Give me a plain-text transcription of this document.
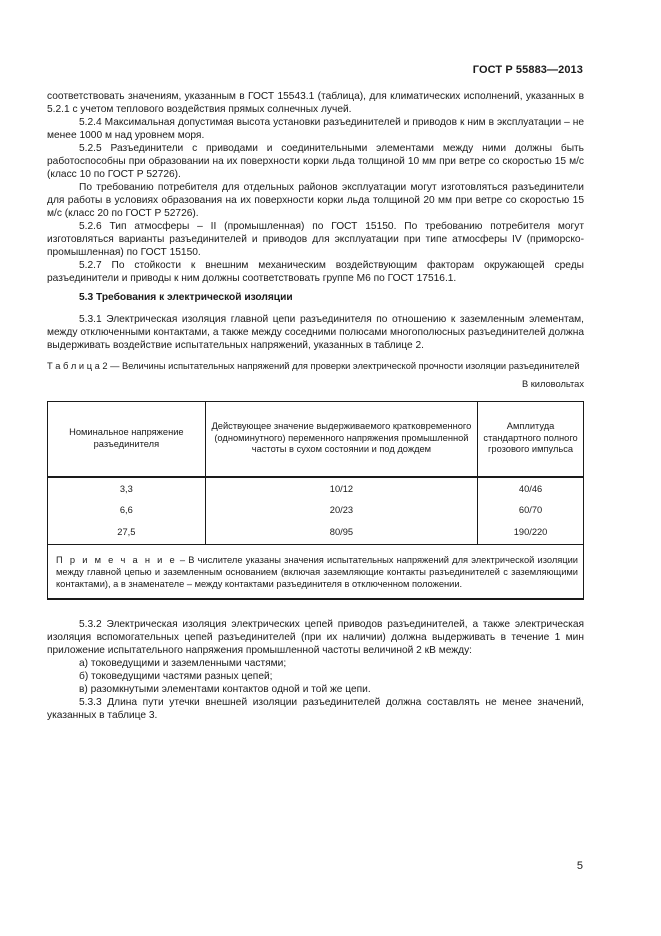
ГОСТ Р 55883—2013

соответствовать значениям, указанным в ГОСТ 15543.1 (таблица), для климатических исполнений, указанных в 5.2.1 с учетом теплового воздействия прямых солнечных лучей.

5.2.4 Максимальная допустимая высота установки разъединителей и приводов к ним в эксплуатации – не менее 1000 м над уровнем моря.

5.2.5 Разъединители с приводами и соединительными элементами между ними должны быть работоспособны при образовании на их поверхности корки льда толщиной 10 мм при ветре со скоростью 15 м/с (класс 10 по ГОСТ Р 52726).

По требованию потребителя для отдельных районов эксплуатации могут изготовляться разъединители для работы в условиях образования на их поверхности корки льда толщиной 20 мм при ветре со скоростью 15 м/с (класс 20 по ГОСТ Р 52726).

5.2.6 Тип атмосферы – II (промышленная) по ГОСТ 15150. По требованию потребителя могут изготовляться варианты разъединителей и приводов для эксплуатации при типе атмосферы IV (приморско-промышленная) по ГОСТ 15150.

5.2.7 По стойкости к внешним механическим воздействующим факторам окружающей среды разъединители и приводы к ним должны соответствовать группе М6 по ГОСТ 17516.1.

5.3 Требования к электрической изоляции

5.3.1 Электрическая изоляция главной цепи разъединителя по отношению к заземленным элементам, между отключенными контактами, а также между соседними полюсами многополюсных разъединителей должна выдерживать воздействие испытательных напряжений, указанных в таблице 2.

Т а б л и ц а 2 — Величины испытательных напряжений для проверки электрической прочности изоляции разъединителей

В киловольтах

Номинальное напряжение разъединителя	Действующее значение выдерживаемого кратковременного (одноминутного) переменного напряжения промышленной частоты в сухом состоянии и под дождем	Амплитуда стандартного полного грозового импульса
3,3	10/12	40/46
6,6	20/23	60/70
27,5	80/95	190/220
П р и м е ч а н и е – В числителе указаны значения испытательных напряжений для электрической изоляции между главной цепью и заземленным основанием (включая заземляющие контакты разъединителей с заземляющими контактами), а в знаменателе – между контактами разъединителя в отключенном положении.		

5.3.2 Электрическая изоляция электрических цепей приводов разъединителей, а также электрическая изоляция вспомогательных цепей разъединителей (при их наличии) должна выдерживать в течение 1 мин приложение испытательного напряжения промышленной частоты величиной 2 кВ между:

а) токоведущими и заземленными частями;

б) токоведущими частями разных цепей;

в) разомкнутыми элементами контактов одной и той же цепи.

5.3.3 Длина пути утечки внешней изоляции разъединителей должна составлять не менее значений, указанных в таблице 3.

5
